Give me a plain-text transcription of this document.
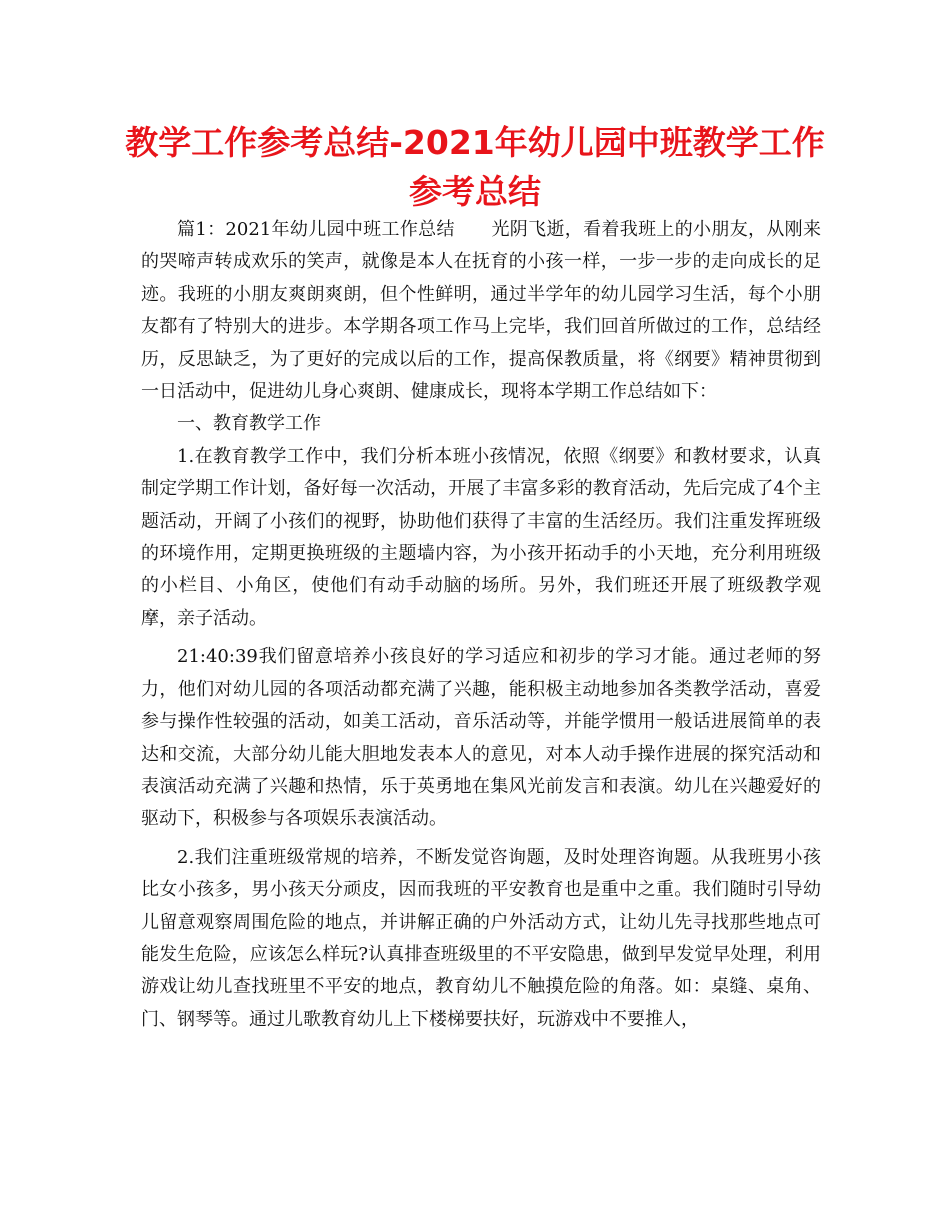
教学工作参考总结-2021年幼儿园中班教学工作
参考总结

篇1：2021年幼儿园中班工作总结　　光阴飞逝，看着我班上的小朋友，从刚来的哭啼声转成欢乐的笑声，就像是本人在抚育的小孩一样，一步一步的走向成长的足迹。我班的小朋友爽朗爽朗，但个性鲜明，通过半学年的幼儿园学习生活，每个小朋友都有了特别大的进步。本学期各项工作马上完毕，我们回首所做过的工作，总结经历，反思缺乏，为了更好的完成以后的工作，提高保教质量，将《纲要》精神贯彻到一日活动中，促进幼儿身心爽朗、健康成长，现将本学期工作总结如下：

一、教育教学工作

1.在教育教学工作中，我们分析本班小孩情况，依照《纲要》和教材要求，认真制定学期工作计划，备好每一次活动，开展了丰富多彩的教育活动，先后完成了4个主题活动，开阔了小孩们的视野，协助他们获得了丰富的生活经历。我们注重发挥班级的环境作用，定期更换班级的主题墙内容，为小孩开拓动手的小天地，充分利用班级的小栏目、小角区，使他们有动手动脑的场所。另外，我们班还开展了班级教学观摩，亲子活动。

21:40:39我们留意培养小孩良好的学习适应和初步的学习才能。通过老师的努力，他们对幼儿园的各项活动都充满了兴趣，能积极主动地参加各类教学活动，喜爱参与操作性较强的活动，如美工活动，音乐活动等，并能学惯用一般话进展简单的表达和交流，大部分幼儿能大胆地发表本人的意见，对本人动手操作进展的探究活动和表演活动充满了兴趣和热情，乐于英勇地在集风光前发言和表演。幼儿在兴趣爱好的驱动下，积极参与各项娱乐表演活动。

2.我们注重班级常规的培养，不断发觉咨询题，及时处理咨询题。从我班男小孩比女小孩多，男小孩天分顽皮，因而我班的平安教育也是重中之重。我们随时引导幼儿留意观察周围危险的地点，并讲解正确的户外活动方式，让幼儿先寻找那些地点可能发生危险，应该怎么样玩?认真排查班级里的不平安隐患，做到早发觉早处理，利用游戏让幼儿查找班里不平安的地点，教育幼儿不触摸危险的角落。如：桌缝、桌角、门、钢琴等。通过儿歌教育幼儿上下楼梯要扶好，玩游戏中不要推人，
